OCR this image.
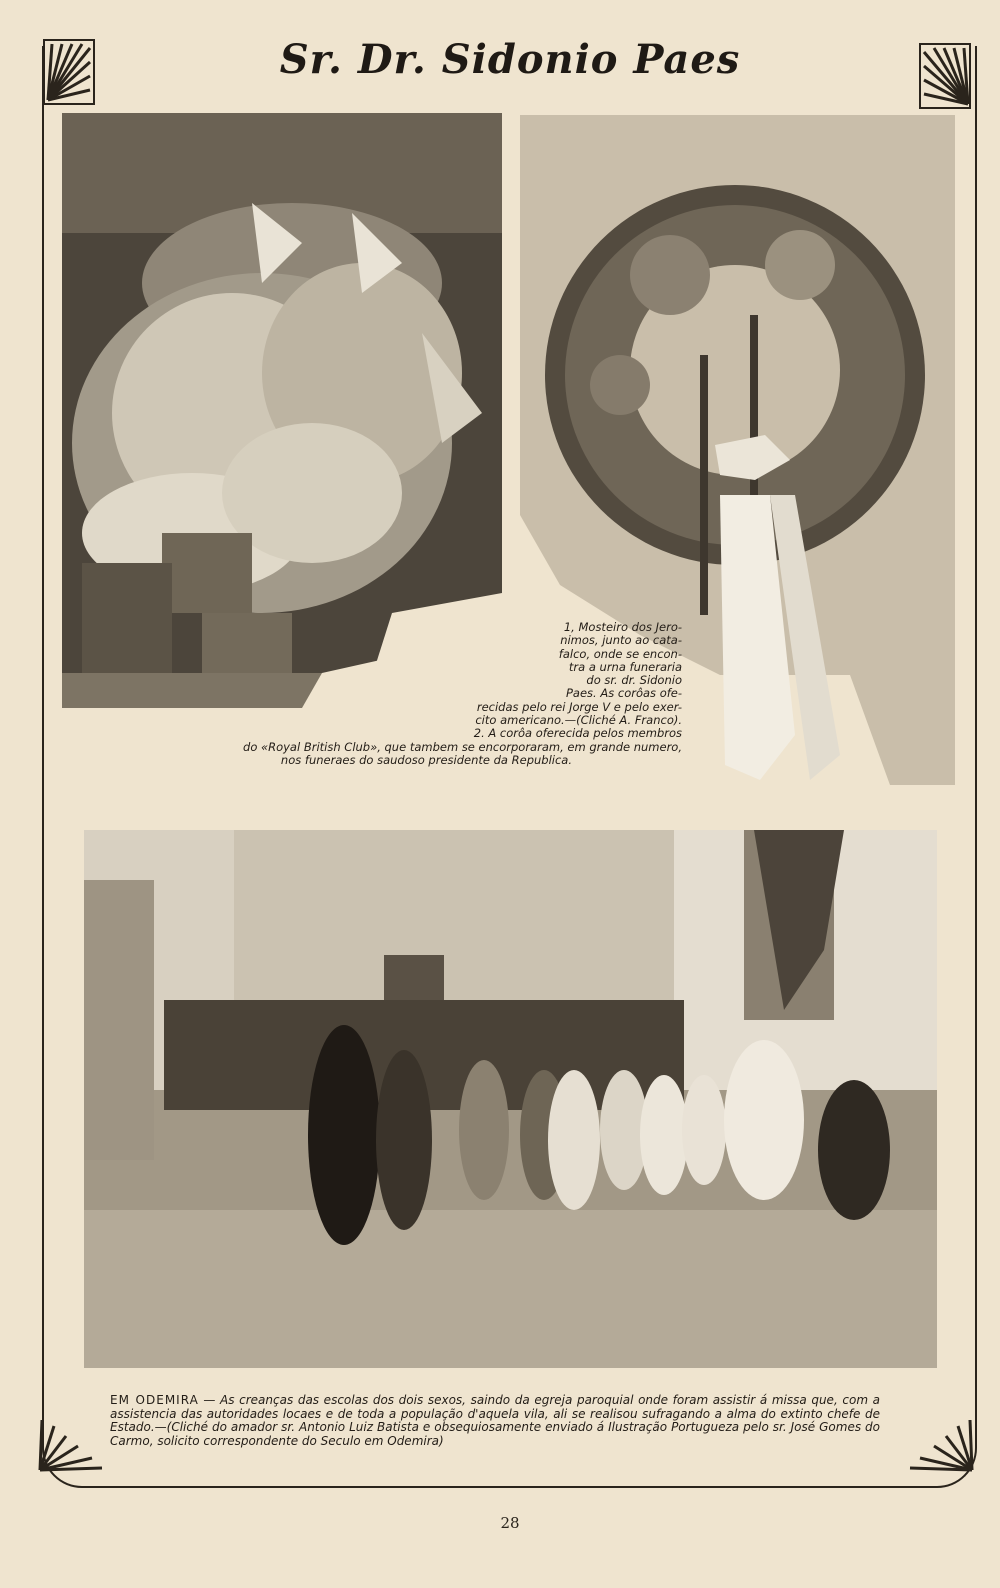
Sr. Dr. Sidonio Paes
1, Mosteiro dos Jero-
nimos, junto ao cata-
falco, onde se encon-
tra a urna funeraria
do sr. dr. Sidonio
Paes. As corôas ofe-
recidas pelo rei Jorge V e pelo exer-
cito americano.—(Cliché A. Franco).
2. A corôa oferecida pelos membros
do «Royal British Club», que tambem se encorporaram, em grande numero,
nos funeraes do saudoso presidente da Republica.
EM ODEMIRA — As creanças das escolas dos dois sexos, saindo da egreja paroquial onde foram assistir á missa que, com a assistencia das autoridades locaes e de toda a população d'aquela vila, ali se realisou sufragando a alma do extinto chefe de Estado.—(Cliché do amador sr. Antonio Luiz Batista e obsequiosamente enviado á Ilustração Portugueza pelo sr. José Gomes do Carmo, solicito correspondente do Seculo em Odemira)
28
